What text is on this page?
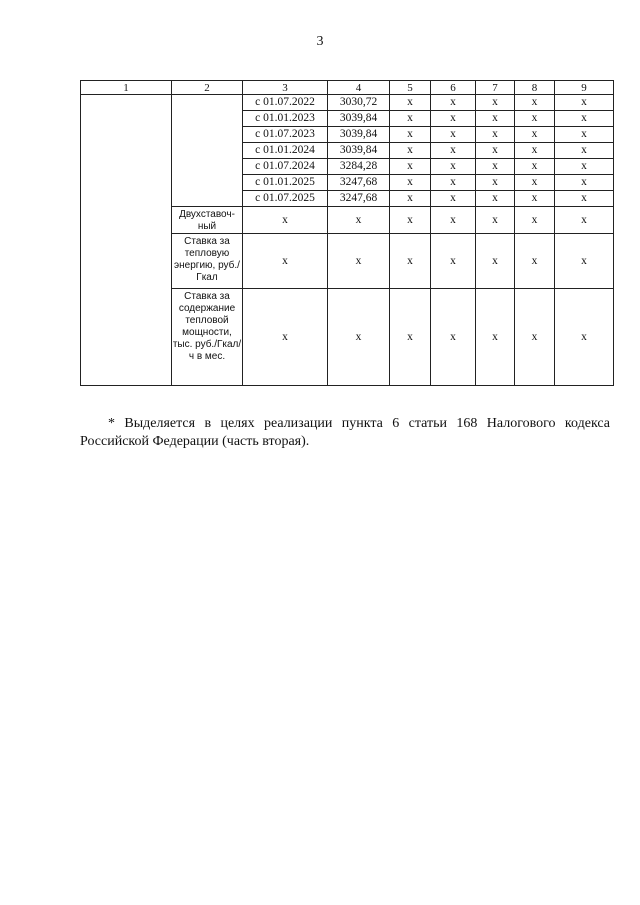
3
1	2	3	4	5	6	7	8	9
		с 01.07.2022	3030,72	х	х	х	х	х
		с 01.01.2023	3039,84	х	х	х	х	х
		с 01.07.2023	3039,84	х	х	х	х	х
		с 01.01.2024	3039,84	х	х	х	х	х
		с 01.07.2024	3284,28	х	х	х	х	х
		с 01.01.2025	3247,68	х	х	х	х	х
		с 01.07.2025	3247,68	х	х	х	х	х
	Двухставоч-ный	х	х	х	х	х	х	х
	Ставка за тепловую энергию, руб./Гкал	х	х	х	х	х	х	х
	Ставка за содержание тепловой мощности, тыс. руб./Гкал/ч в мес.	х	х	х	х	х	х	х

* Выделяется в целях реализации пункта 6 статьи 168 Налогового кодекса Российской Федерации (часть вторая).
